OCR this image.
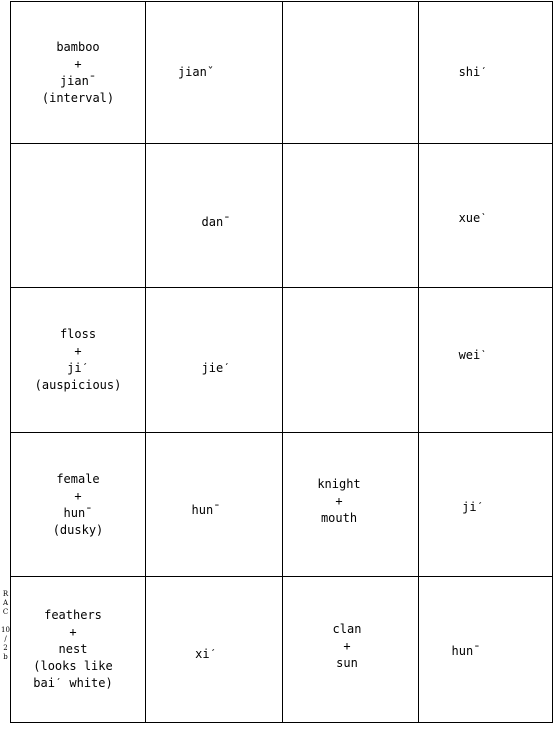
bamboo
+
jianˉ
(interval)
jianˇ	shiˊ
danˉ	xueˋ
floss
+
jiˊ
(auspicious)
jieˊ
weiˋ
female
+
hunˉ
(dusky)
hunˉ
knight
+
mouth
jiˊ
feathers
+
nest
(looks like
baiˊ white)
xiˊ
clan
+
sun
hunˉ
R
A
C

10
/
2
b
